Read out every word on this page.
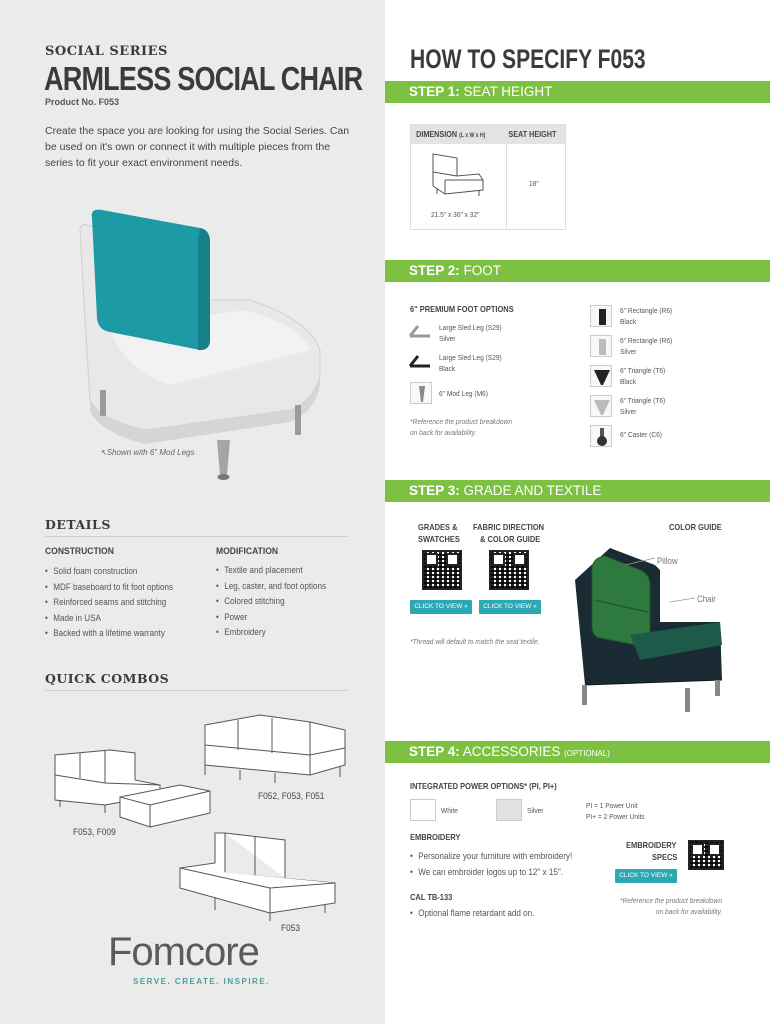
SOCIAL SERIES
ARMLESS SOCIAL CHAIR
Product No. F053
Create the space you are looking for using the Social Series. Can be used on it's own or connect it with multiple pieces from the series to fit your exact environment needs.
↖Shown with 6" Mod Legs
DETAILS
CONSTRUCTION	MODIFICATION
• Solid foam construction
• MDF baseboard to fit foot options
• Reinforced seams and stitching
• Made in USA
• Backed with a lifetime warranty
• Textile and placement
• Leg, caster, and foot options
• Colored stitching
• Power
• Embroidery
QUICK COMBOS
F052, F053, F051
F053, F009
F053
Fomcore
SERVE. CREATE. INSPIRE.
HOW TO SPECIFY F053
STEP 1: SEAT HEIGHT
DIMENSION (L x W x H)	SEAT HEIGHT
21.5" x 36" x 32"
18"
STEP 2: FOOT
6" PREMIUM FOOT OPTIONS
Large Sled Leg (S29)
Silver
Large Sled Leg (S29)
Black
6" Mod Leg (M6)
*Reference the product breakdown
on back for availability.
6" Rectangle (R6)
Black
6" Rectangle (R6)
Silver
6" Triangle (T6)
Black
6" Triangle (T6)
Silver
6" Caster (C6)
STEP 3: GRADE AND TEXTILE
GRADES &
SWATCHES
FABRIC DIRECTION
& COLOR GUIDE
COLOR GUIDE
CLICK TO VIEW »	CLICK TO VIEW »
*Thread will default to match the seat textile.
Pillow
Chair
STEP 4: ACCESSORIES (OPTIONAL)
INTEGRATED POWER OPTIONS* (PI, PI+)
White	Silver
PI = 1 Power Unit
PI+ = 2 Power Units
EMBROIDERY
• Personalize your furniture with embroidery!
• We can embroider logos up to 12" x 15".
EMBROIDERY
SPECS
CLICK TO VIEW »
CAL TB-133
• Optional flame retardant add on.
*Reference the product breakdown
on back for availability.
